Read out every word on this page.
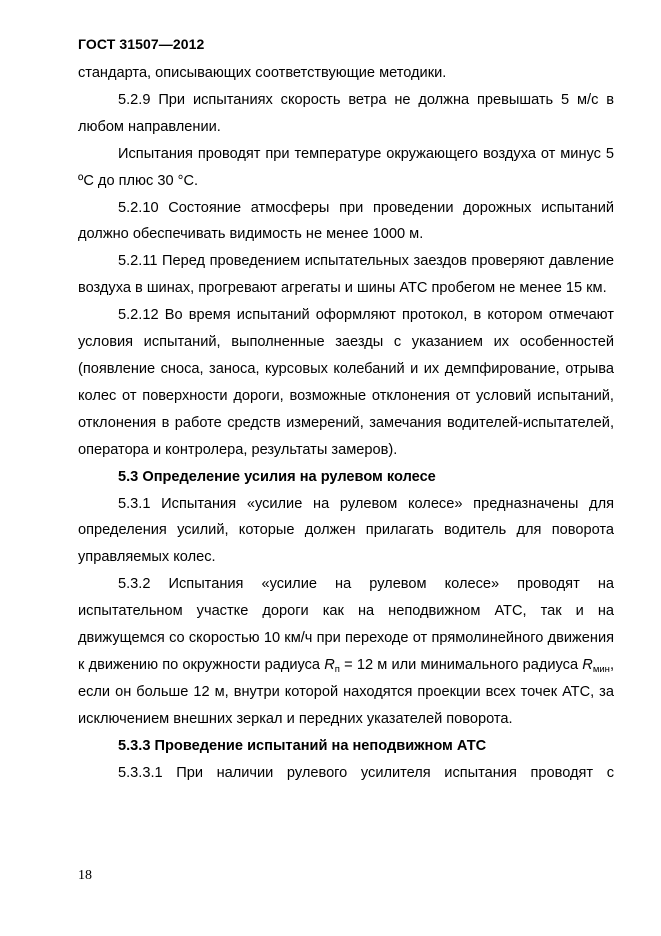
ГОСТ 31507—2012

стандарта, описывающих соответствующие методики.

5.2.9 При испытаниях скорость ветра не должна превышать 5 м/с в любом направлении.

Испытания проводят при температуре окружающего воздуха от минус 5 ºС до плюс 30 °С.

5.2.10 Состояние атмосферы при проведении дорожных испытаний должно обеспечивать видимость не менее 1000 м.

5.2.11 Перед проведением испытательных заездов проверяют давление воздуха в шинах, прогревают агрегаты и шины АТС пробегом не менее 15 км.

5.2.12 Во время испытаний оформляют протокол, в котором отмечают условия испытаний, выполненные заезды с указанием их особенностей (появление сноса, заноса, курсовых колебаний и их демпфирование, отрыва колес от поверхности дороги, возможные отклонения от условий испытаний, отклонения в работе средств измерений, замечания водителей-испытателей, оператора и контролера, результаты замеров).

5.3 Определение усилия на рулевом колесе

5.3.1 Испытания «усилие на рулевом колесе» предназначены для определения усилий, которые должен прилагать водитель для поворота управляемых колес.

5.3.2 Испытания «усилие на рулевом колесе» проводят на испытательном участке дороги как на неподвижном АТС, так и на движущемся со скоростью 10 км/ч при переходе от прямолинейного движения к движению по окружности радиуса $R_п = 12$ м или минимального радиуса $R_{мин}$, если он больше 12 м, внутри которой находятся проекции всех точек АТС, за исключением внешних зеркал и передних указателей поворота.

5.3.3 Проведение испытаний на неподвижном АТС

5.3.3.1 При наличии рулевого усилителя испытания проводят с

18
